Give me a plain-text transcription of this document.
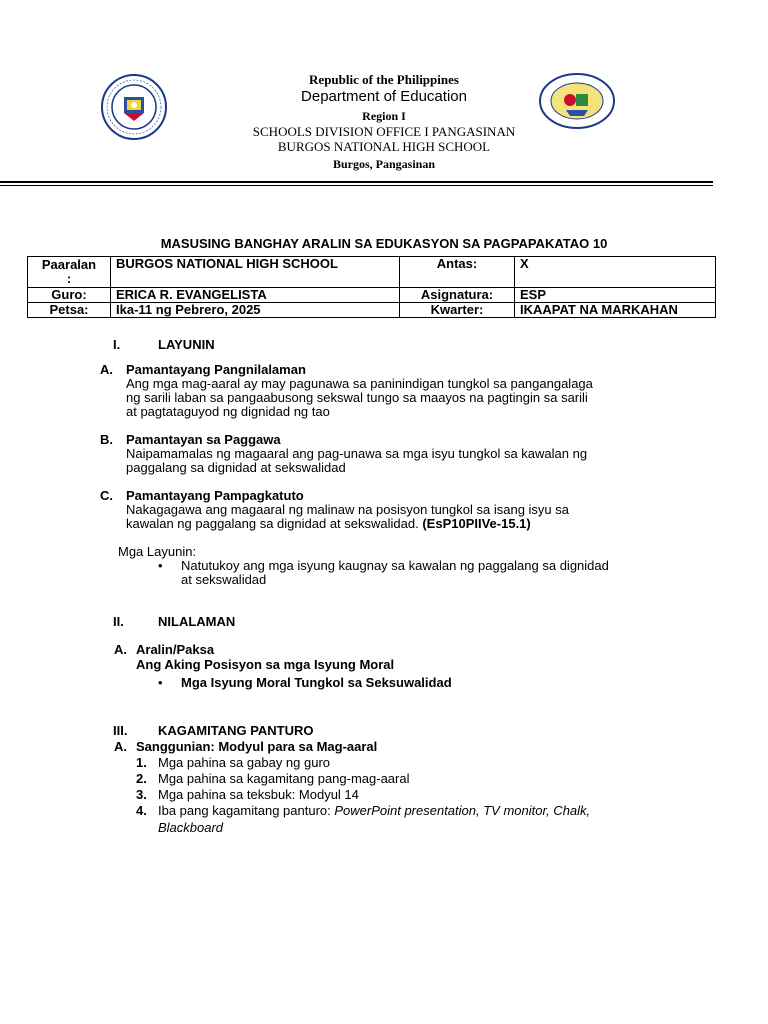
Republic of the Philippines
Department of Education
Region I
SCHOOLS DIVISION OFFICE I PANGASINAN
BURGOS NATIONAL HIGH SCHOOL
Burgos, Pangasinan
MASUSING BANGHAY ARALIN SA EDUKASYON SA PAGPAPAKATAO 10
Paaralan
:	BURGOS NATIONAL HIGH SCHOOL	Antas:	X
Guro:	ERICA R. EVANGELISTA	Asignatura:	ESP
Petsa:	Ika-11 ng Pebrero, 2025	Kwarter:	IKAAPAT NA MARKAHAN
I.	LAYUNIN
A. Pamantayang Pangnilalaman
Ang mga mag-aaral ay may pagunawa sa paninindigan tungkol sa pangangalaga
ng sarili laban sa pangaabusong sekswal tungo sa maayos na pagtingin sa sarili
at pagtataguyod ng dignidad ng tao
B. Pamantayan sa Paggawa
Naipamamalas ng magaaral ang pag-unawa sa mga isyu tungkol sa kawalan ng
paggalang sa dignidad at sekswalidad
C. Pamantayang Pampagkatuto
Nakagagawa ang magaaral ng malinaw na posisyon tungkol sa isang isyu sa
kawalan ng paggalang sa dignidad at sekswalidad. (EsP10PIIVe-15.1)
Mga Layunin:
• Natutukoy ang mga isyung kaugnay sa kawalan ng paggalang sa dignidad
at sekswalidad
II.	NILALAMAN
A. Aralin/Paksa
Ang Aking Posisyon sa mga Isyung Moral
• Mga Isyung Moral Tungkol sa Seksuwalidad
III. KAGAMITANG PANTURO
A. Sanggunian: Modyul para sa Mag-aaral
1. Mga pahina sa gabay ng guro
2. Mga pahina sa kagamitang pang-mag-aaral
3. Mga pahina sa teksbuk: Modyul 14
4. Iba pang kagamitang panturo: PowerPoint presentation, TV monitor, Chalk,
Blackboard
